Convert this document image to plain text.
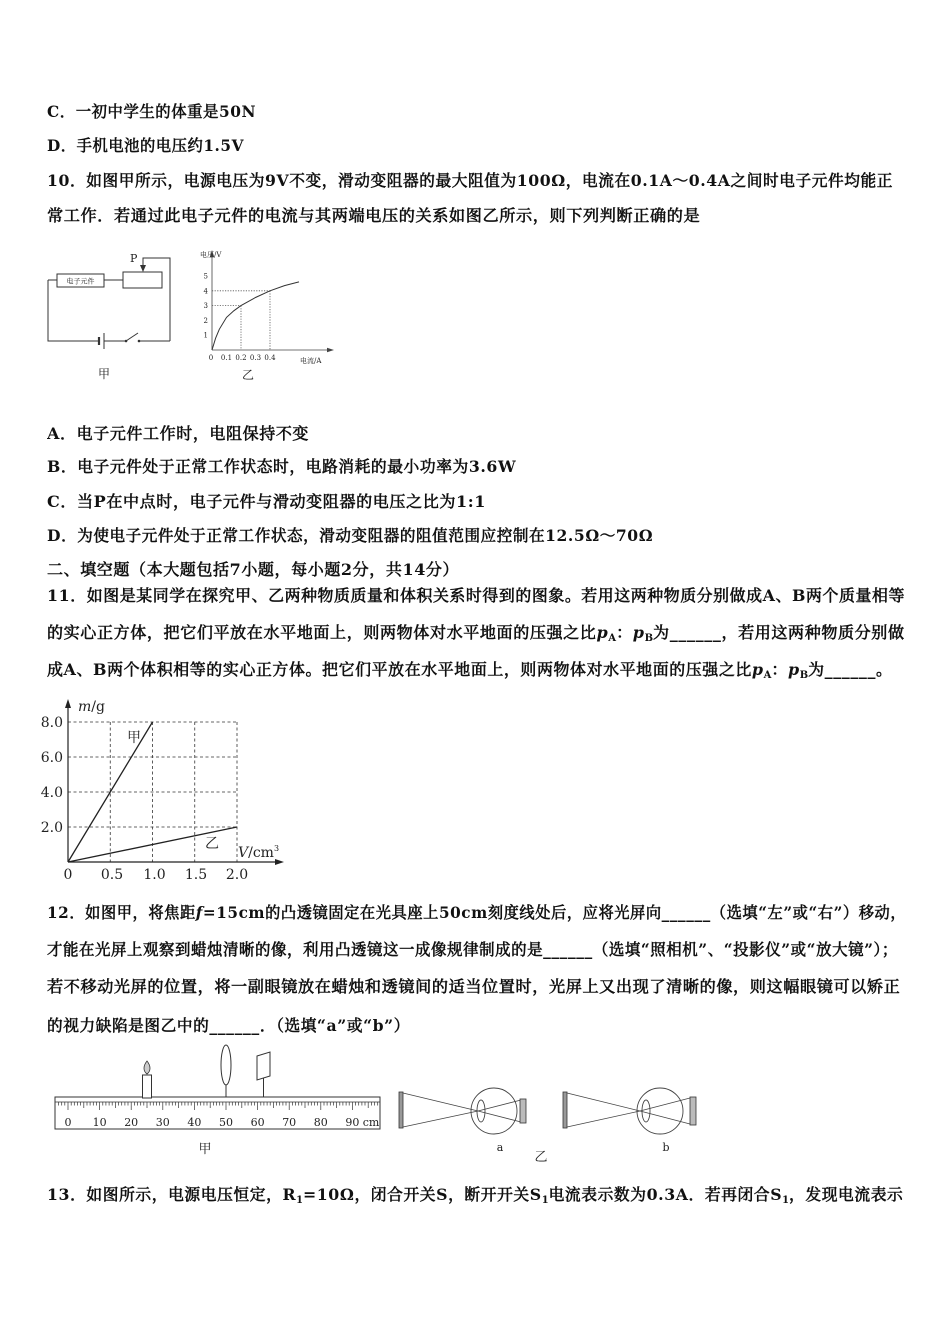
C．一初中学生的体重是50N
D．手机电池的电压约1.5V
10．如图甲所示，电源电压为9V不变，滑动变阻器的最大阻值为100Ω，电流在0.1A～0.4A之间时电子元件均能正
常工作．若通过此电子元件的电流与其两端电压的关系如图乙所示，则下列判断正确的是
电子元件
P
甲
电压/V
电流/A
1
2
3
4
5
0 0.1 0.2 0.3 0.4
乙
A．电子元件工作时，电阻保持不变
B．电子元件处于正常工作状态时，电路消耗的最小功率为3.6W
C．当P在中点时，电子元件与滑动变阻器的电压之比为1:1
D．为使电子元件处于正常工作状态，滑动变阻器的阻值范围应控制在12.5Ω～70Ω
二、填空题（本大题包括7小题，每小题2分，共14分）
11．如图是某同学在探究甲、乙两种物质质量和体积关系时得到的图象。若用这两种物质分别做成A、B两个质量相等
的实心正方体，把它们平放在水平地面上，则两物体对水平地面的压强之比$p_A$：$p_B$为______，若用这两种物质分别做
成A、B两个体积相等的实心正方体。把它们平放在水平地面上，则两物体对水平地面的压强之比$p_A$：$p_B$为______。
m/g
$V/cm^3$
8.0
6.0
4.0
2.0
0 0.5 1.0 1.5 2.0
甲
乙
12．如图甲，将焦距f=15cm的凸透镜固定在光具座上50cm刻度线处后，应将光屏向______（选填“左”或“右”）移动，
才能在光屏上观察到蜡烛清晰的像，利用凸透镜这一成像规律制成的是______（选填“照相机”、“投影仪”或“放大镜”）；
若不移动光屏的位置，将一副眼镜放在蜡烛和透镜间的适当位置时，光屏上又出现了清晰的像，则这幅眼镜可以矫正
的视力缺陷是图乙中的______．（选填“a”或“b”）
0 10 20 30 40 50 60 70 80 90 cm
甲	a
乙
b
13．如图所示，电源电压恒定，$R_1=10\Omega$，闭合开关S，断开开关$S_1$电流表示数为0.3A．若再闭合$S_1$，发现电流表示
